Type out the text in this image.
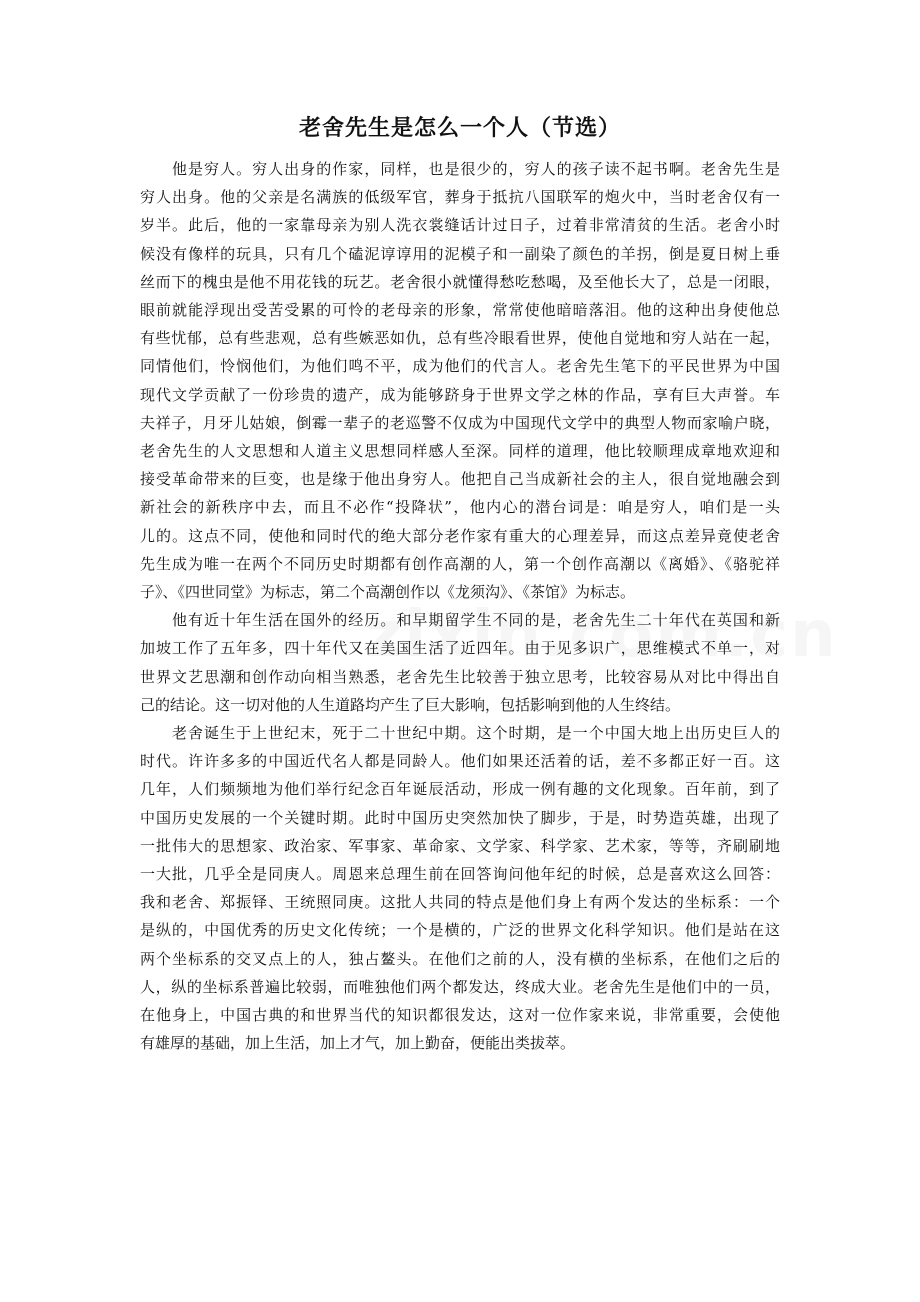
老舍先生是怎么一个人（节选）
他是穷人。穷人出身的作家，同样，也是很少的，穷人的孩子读不起书啊。老舍先生是
穷人出身。他的父亲是名满族的低级军官，葬身于抵抗八国联军的炮火中，当时老舍仅有一
岁半。此后，他的一家靠母亲为别人洗衣裳缝话计过日子，过着非常清贫的生活。老舍小时
候没有像样的玩具，只有几个磕泥谆谆用的泥模子和一副染了颜色的羊拐，倒是夏日树上垂
丝而下的槐虫是他不用花钱的玩艺。老舍很小就懂得愁吃愁喝，及至他长大了，总是一闭眼，
眼前就能浮现出受苦受累的可怜的老母亲的形象，常常使他暗暗落泪。他的这种出身使他总
有些忧郁，总有些悲观，总有些嫉恶如仇，总有些冷眼看世界，使他自觉地和穷人站在一起，
同情他们，怜悯他们，为他们鸣不平，成为他们的代言人。老舍先生笔下的平民世界为中国
现代文学贡献了一份珍贵的遗产，成为能够跻身于世界文学之林的作品，享有巨大声誉。车
夫祥子，月牙儿姑娘，倒霉一辈子的老巡警不仅成为中国现代文学中的典型人物而家喻户晓，
老舍先生的人文思想和人道主义思想同样感人至深。同样的道理，他比较顺理成章地欢迎和
接受革命带来的巨变，也是缘于他出身穷人。他把自己当成新社会的主人，很自觉地融会到
新社会的新秩序中去，而且不必作“投降状”，他内心的潜台词是：咱是穷人，咱们是一头
儿的。这点不同，使他和同时代的绝大部分老作家有重大的心理差异，而这点差异竟使老舍
先生成为唯一在两个不同历史时期都有创作高潮的人，第一个创作高潮以《离婚》、《骆驼祥
子》、《四世同堂》为标志，第二个高潮创作以《龙须沟》、《茶馆》为标志。
他有近十年生活在国外的经历。和早期留学生不同的是，老舍先生二十年代在英国和新
加坡工作了五年多，四十年代又在美国生活了近四年。由于见多识广，思维模式不单一，对
世界文艺思潮和创作动向相当熟悉，老舍先生比较善于独立思考，比较容易从对比中得出自
己的结论。这一切对他的人生道路均产生了巨大影响，包括影响到他的人生终结。
老舍诞生于上世纪末，死于二十世纪中期。这个时期，是一个中国大地上出历史巨人的
时代。许许多多的中国近代名人都是同龄人。他们如果还活着的话，差不多都正好一百。这
几年，人们频频地为他们举行纪念百年诞辰活动，形成一例有趣的文化现象。百年前，到了
中国历史发展的一个关键时期。此时中国历史突然加快了脚步，于是，时势造英雄，出现了
一批伟大的思想家、政治家、军事家、革命家、文学家、科学家、艺术家，等等，齐刷刷地
一大批，几乎全是同庚人。周恩来总理生前在回答询问他年纪的时候，总是喜欢这么回答：
我和老舍、郑振铎、王统照同庚。这批人共同的特点是他们身上有两个发达的坐标系：一个
是纵的，中国优秀的历史文化传统；一个是横的，广泛的世界文化科学知识。他们是站在这
两个坐标系的交叉点上的人，独占鳌头。在他们之前的人，没有横的坐标系，在他们之后的
人，纵的坐标系普遍比较弱，而唯独他们两个都发达，终成大业。老舍先生是他们中的一员，
在他身上，中国古典的和世界当代的知识都很发达，这对一位作家来说，非常重要，会使他
有雄厚的基础，加上生活，加上才气，加上勤奋，便能出类拔萃。
